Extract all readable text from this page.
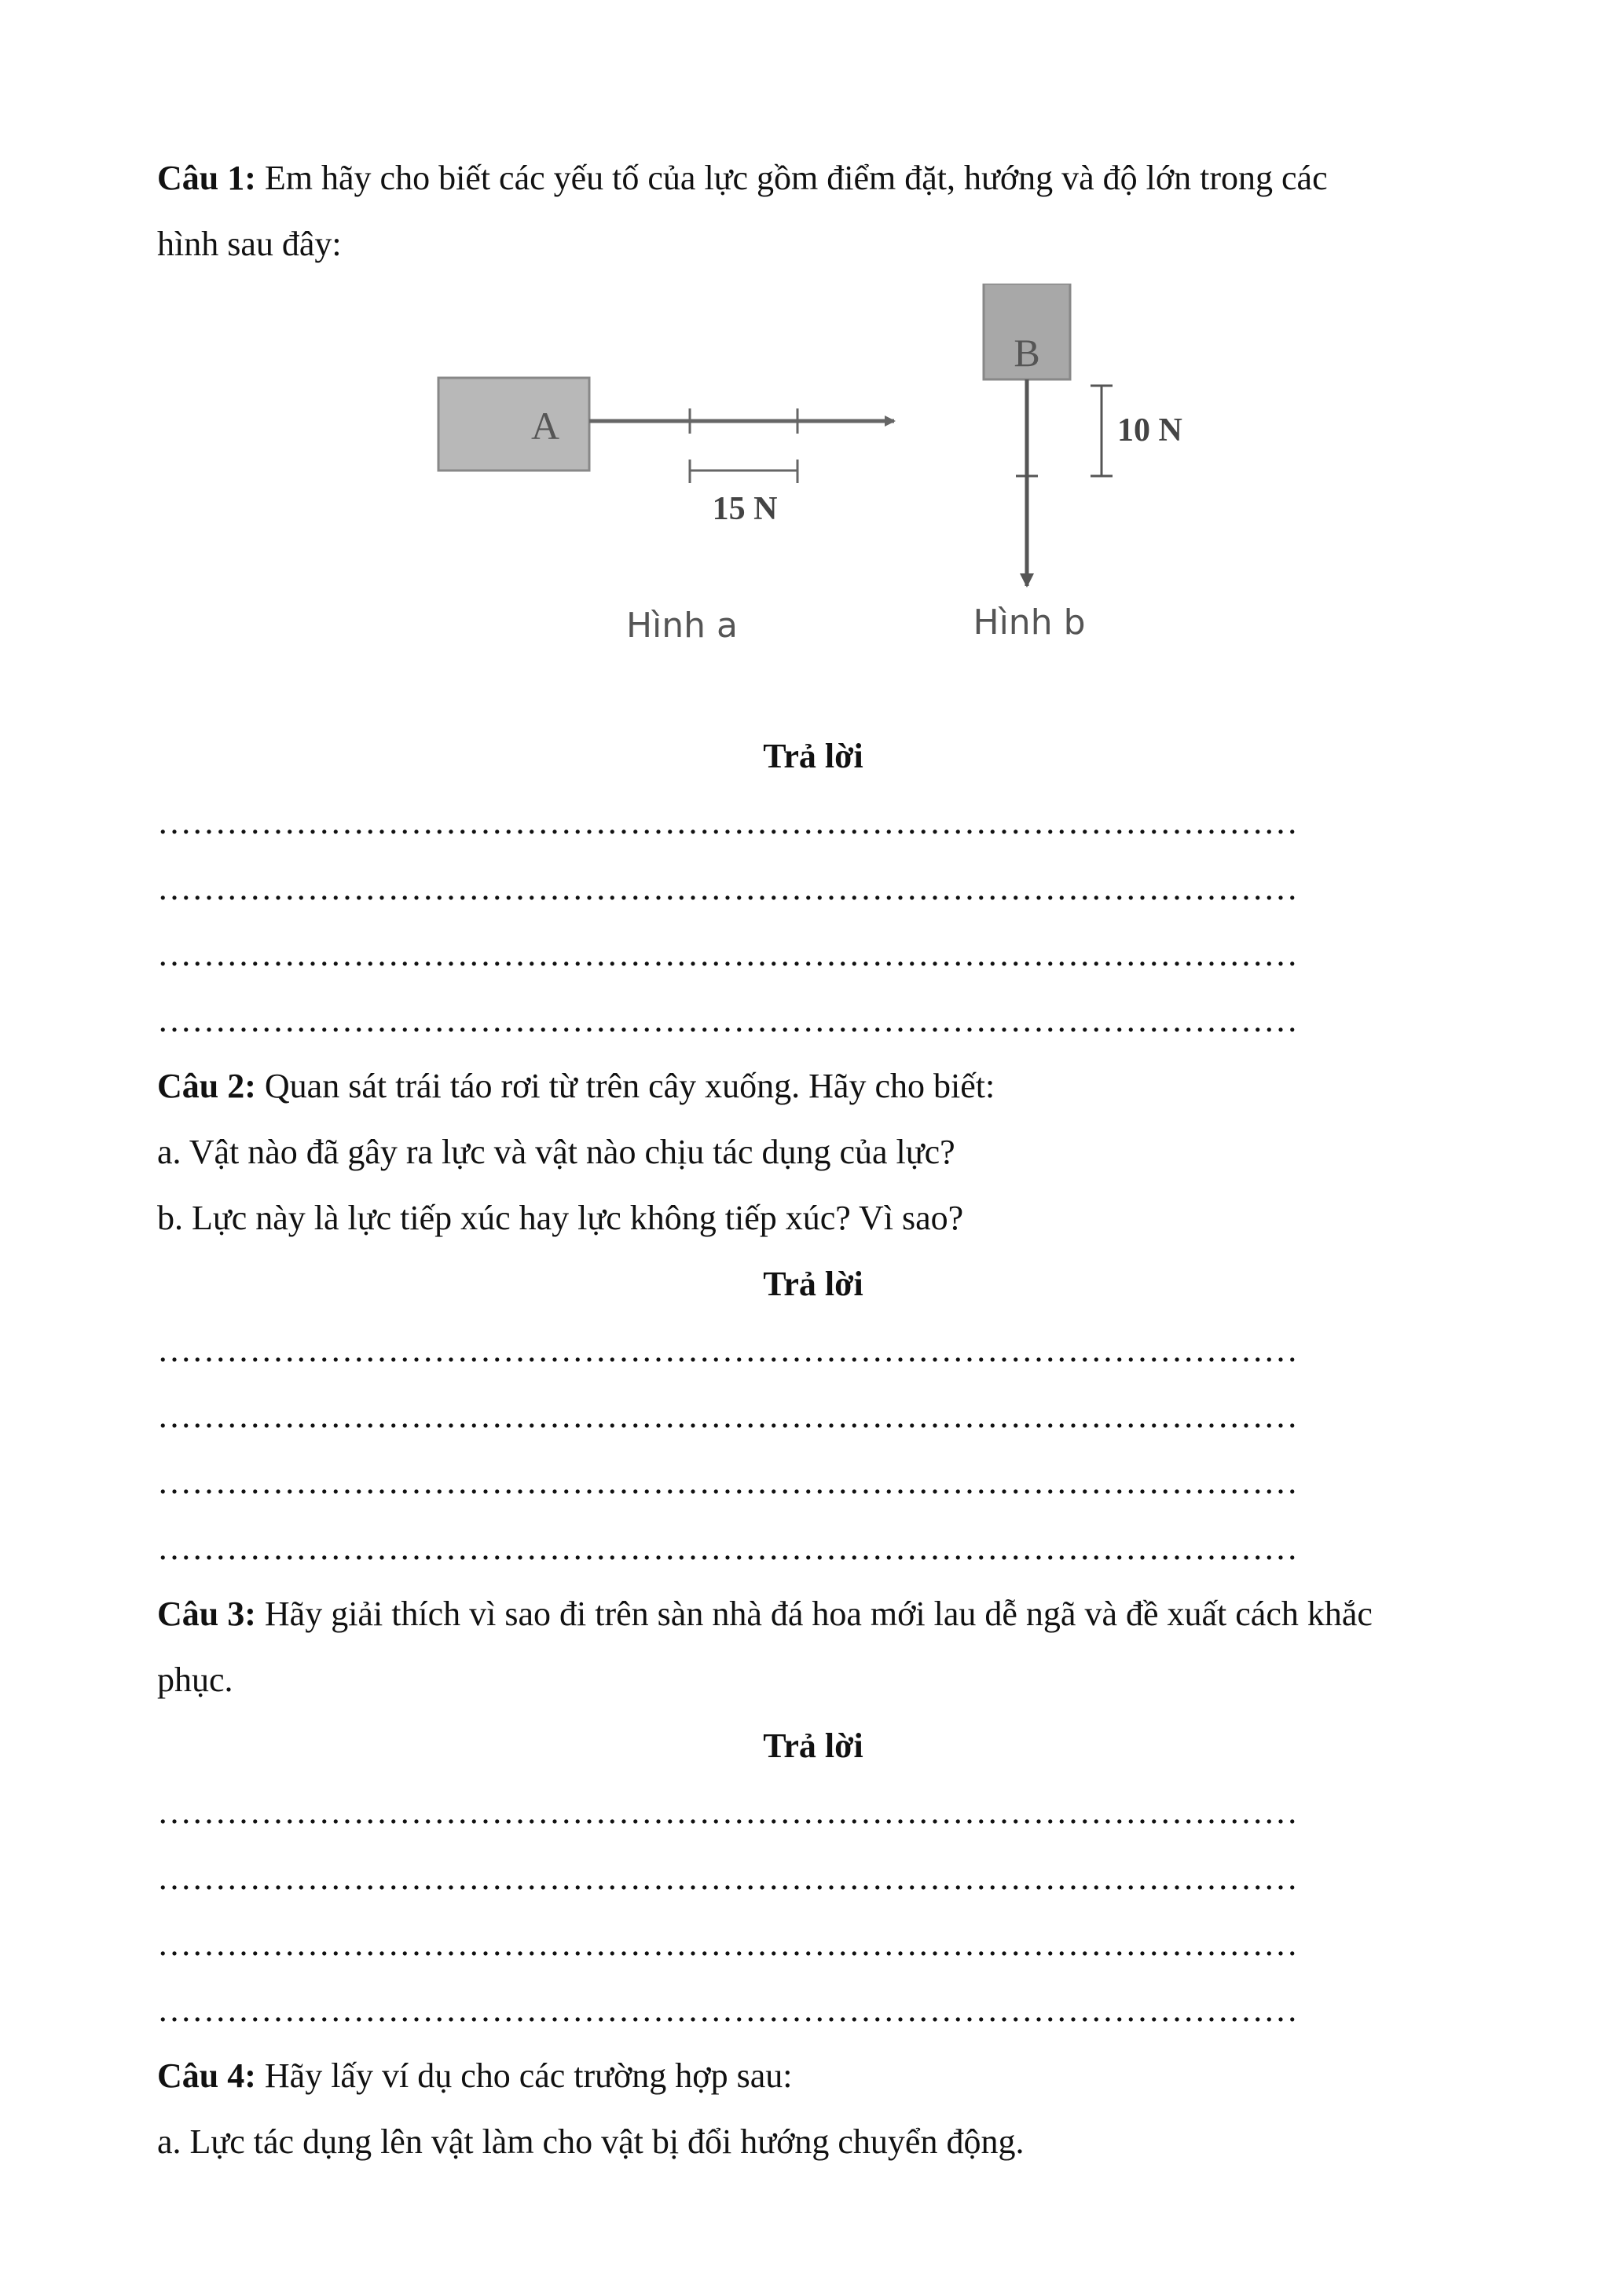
Câu 1: Em hãy cho biết các yếu tố của lực gồm điểm đặt, hướng và độ lớn trong các

hình sau đây:

A
15 N
Hình a
B
10 N
Hình b

Trả lời

………………………………………………………………………………………
………………………………………………………………………………………
………………………………………………………………………………………
………………………………………………………………………………………

Câu 2: Quan sát trái táo rơi từ trên cây xuống. Hãy cho biết:

a. Vật nào đã gây ra lực và vật nào chịu tác dụng của lực?

b. Lực này là lực tiếp xúc hay lực không tiếp xúc? Vì sao?

Trả lời

………………………………………………………………………………………
………………………………………………………………………………………
………………………………………………………………………………………
………………………………………………………………………………………

Câu 3: Hãy giải thích vì sao đi trên sàn nhà đá hoa mới lau dễ ngã và đề xuất cách khắc

phục.

Trả lời

………………………………………………………………………………………
………………………………………………………………………………………
………………………………………………………………………………………
………………………………………………………………………………………

Câu 4: Hãy lấy ví dụ cho các trường hợp sau:

a. Lực tác dụng lên vật làm cho vật bị đổi hướng chuyển động.
